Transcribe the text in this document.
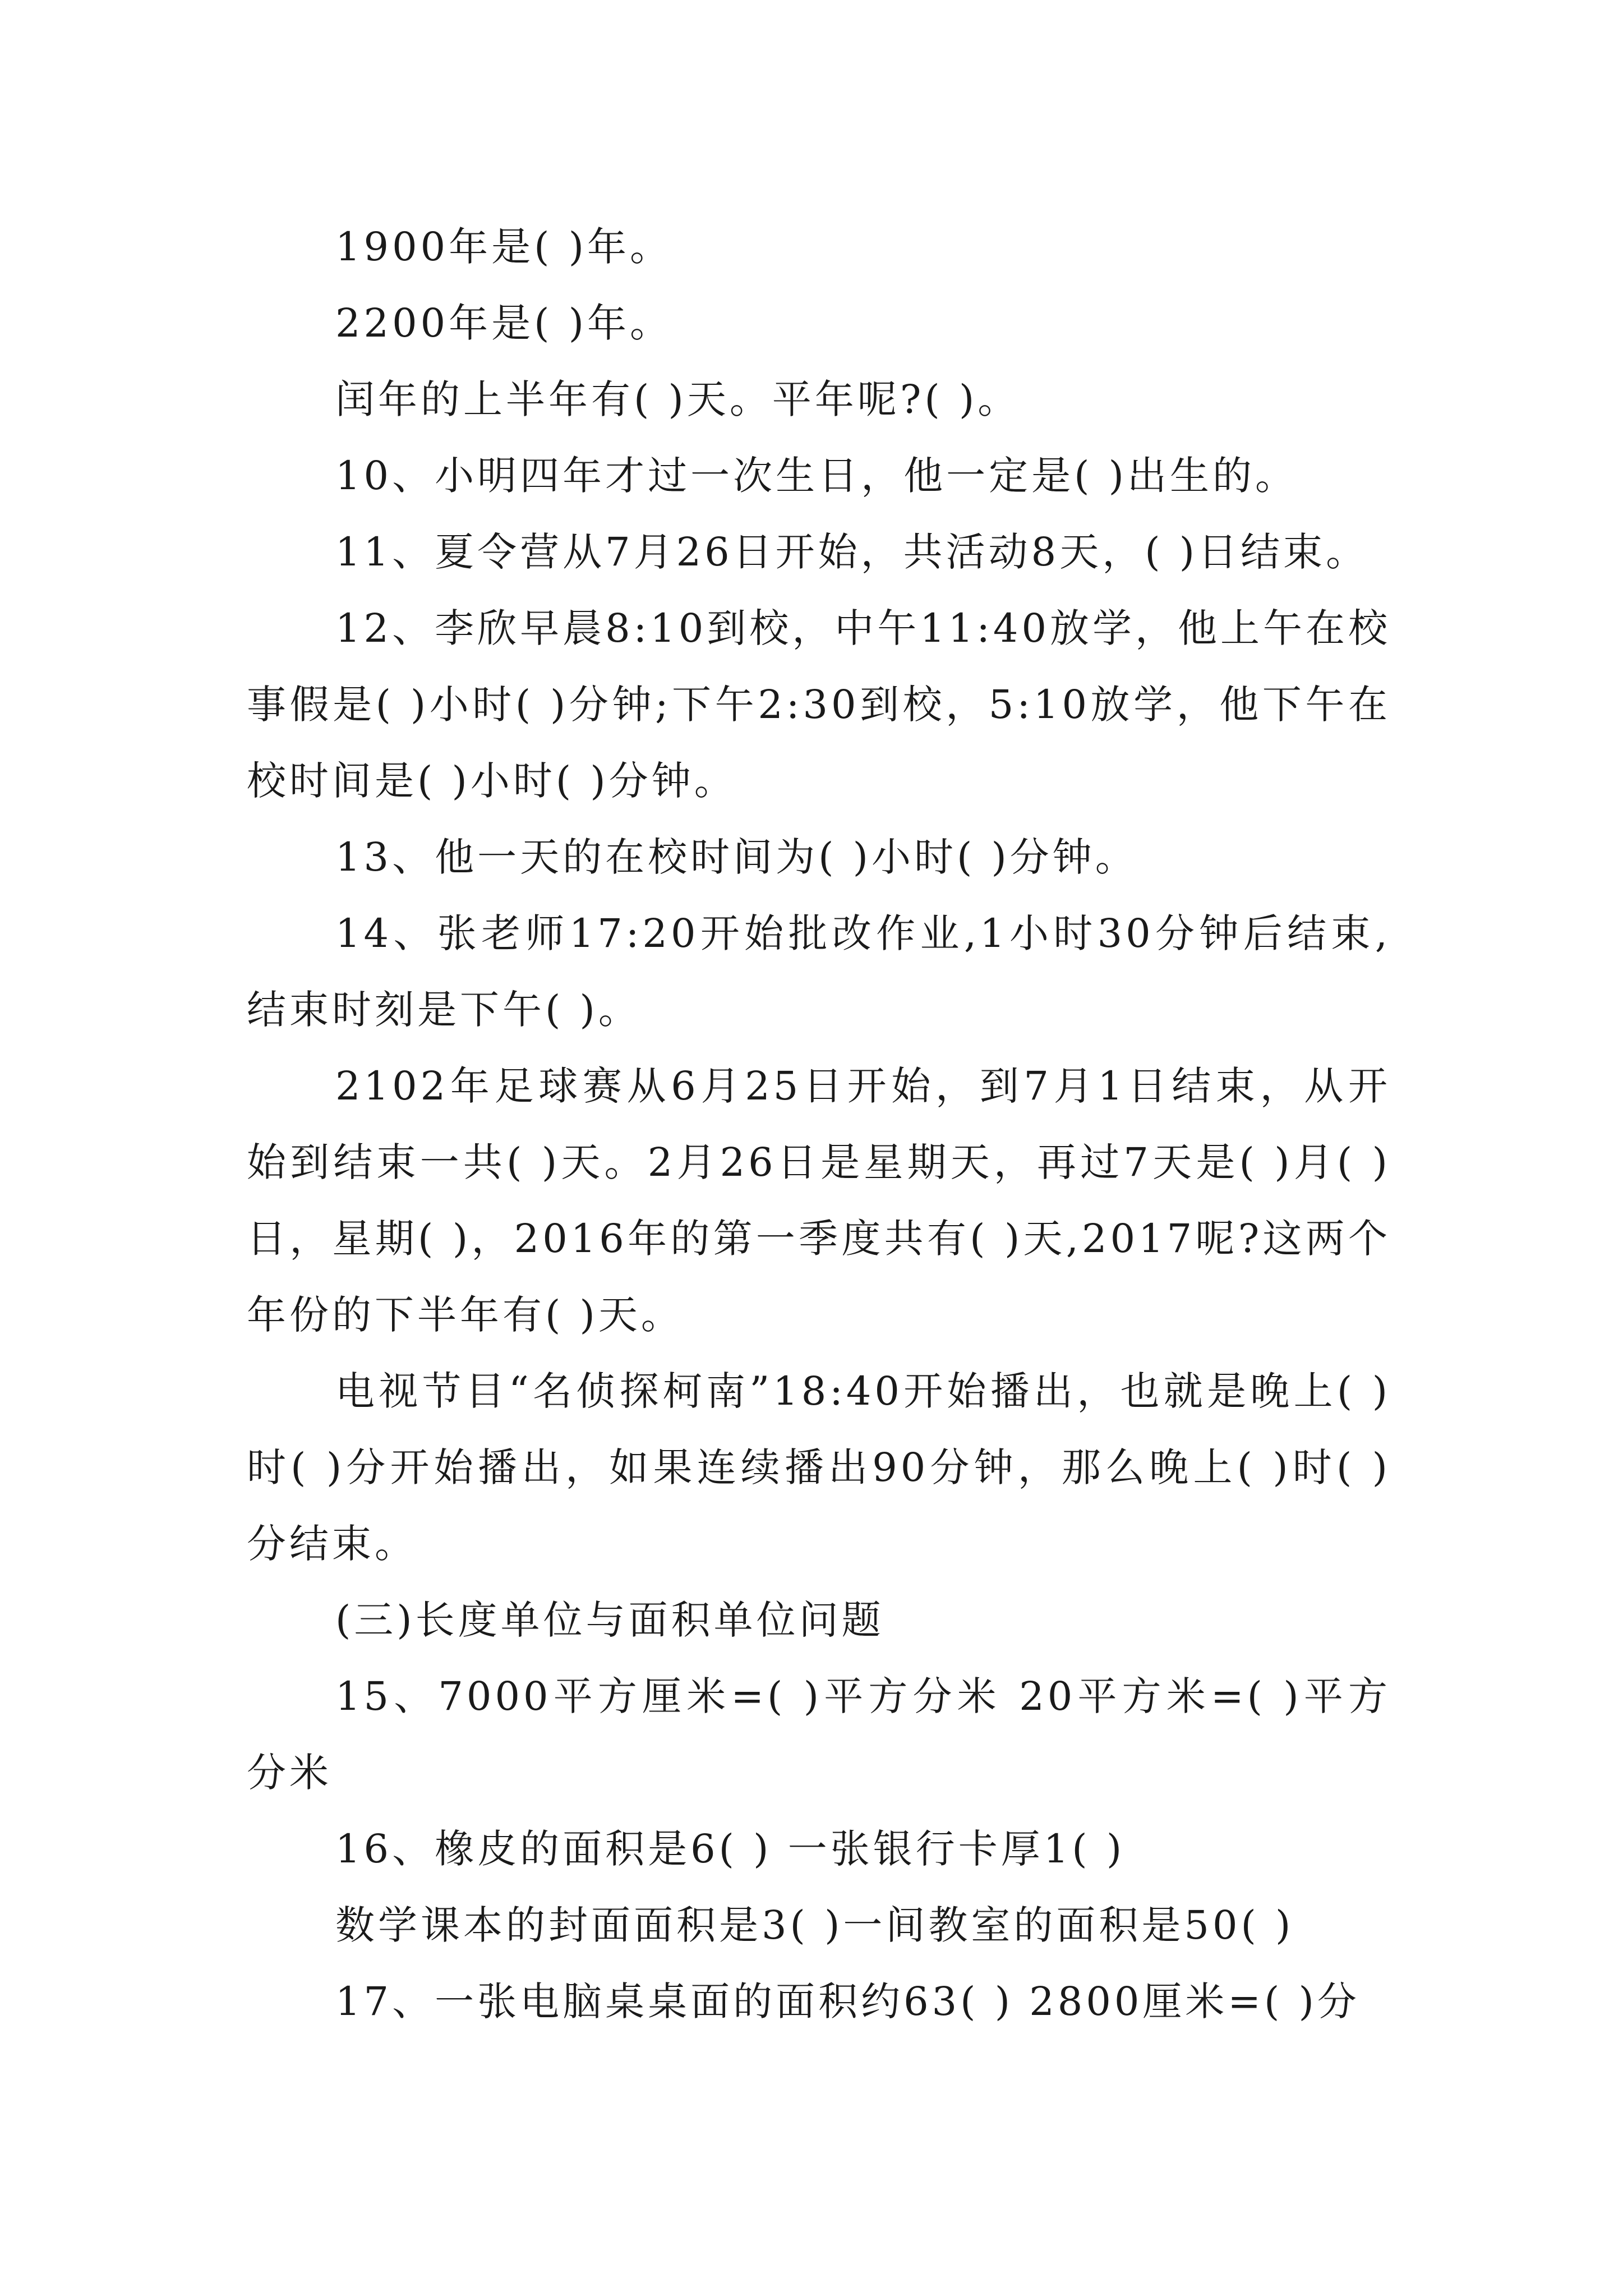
1900年是( )年。

2200年是( )年。

闰年的上半年有( )天。平年呢?( )。

10、小明四年才过一次生日，他一定是( )出生的。

11、夏令营从7月26日开始，共活动8天，( )日结束。

12、李欣早晨8:10到校，中午11:40放学，他上午在校事假是( )小时( )分钟;下午2:30到校，5:10放学，他下午在校时间是( )小时( )分钟。

13、他一天的在校时间为( )小时( )分钟。

14、张老师17:20开始批改作业,1小时30分钟后结束,结束时刻是下午( )。

2102年足球赛从6月25日开始，到7月1日结束，从开始到结束一共( )天。2月26日是星期天，再过7天是( )月( )日，星期( )，2016年的第一季度共有( )天,2017呢?这两个年份的下半年有( )天。

电视节目“名侦探柯南”18:40开始播出，也就是晚上( )时( )分开始播出，如果连续播出90分钟，那么晚上( )时( )分结束。

(三)长度单位与面积单位问题

15、7000平方厘米=( )平方分米 20平方米=( )平方分米

16、橡皮的面积是6( ) 一张银行卡厚1( )

数学课本的封面面积是3( )一间教室的面积是50( )

17、一张电脑桌桌面的面积约63( ) 2800厘米=( )分
